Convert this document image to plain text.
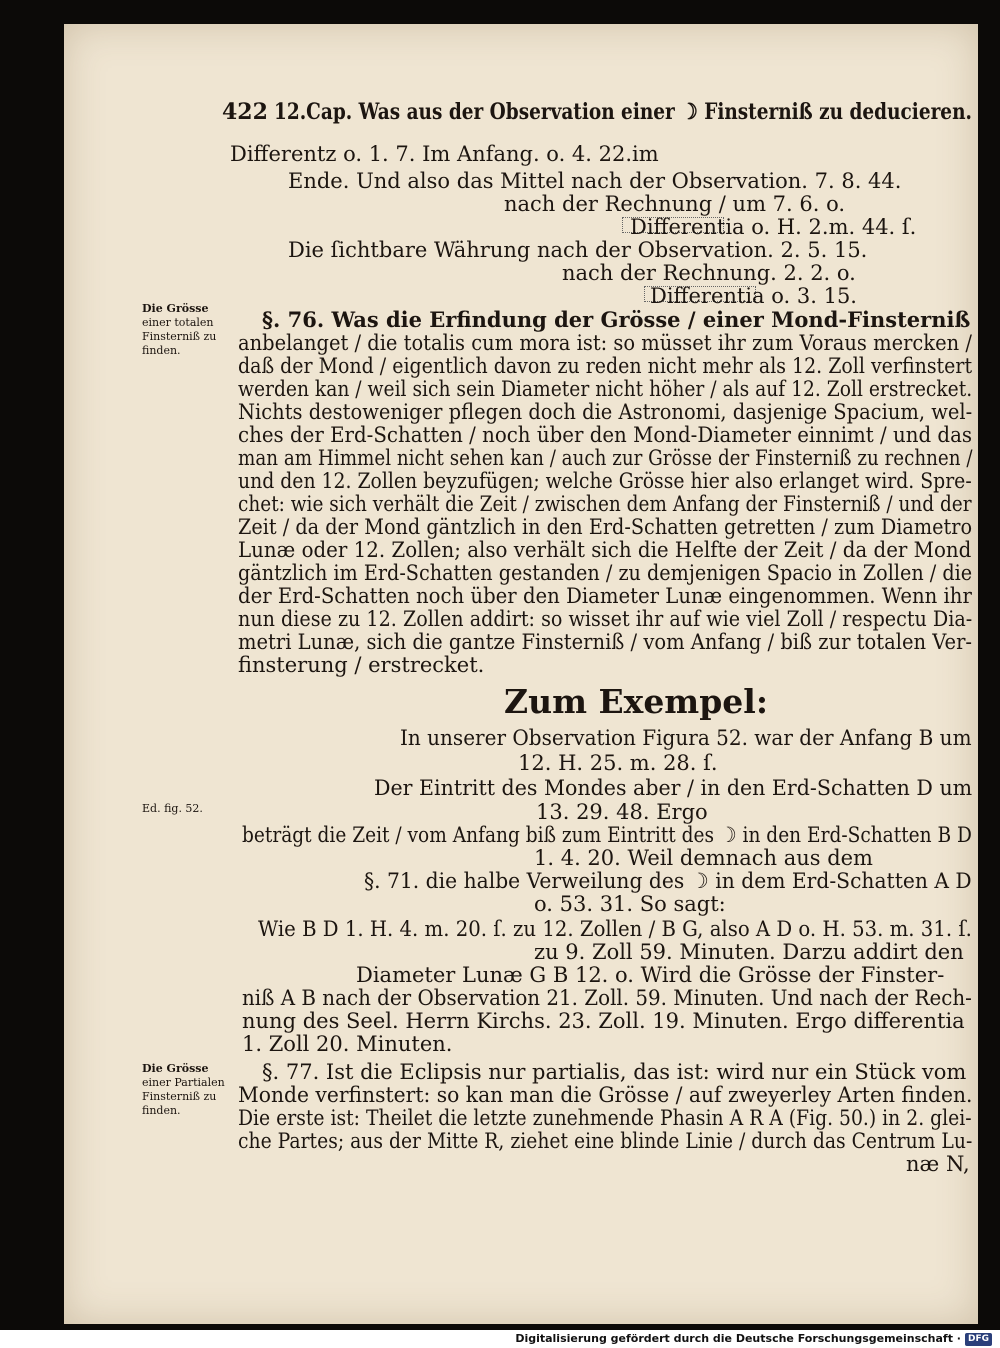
422 12.Cap. Was aus der Observation einer ☽ Finsterniß zu deducieren.
Differentz o. 1. 7. Im Anfang. o. 4. 22.im
Ende. Und also das Mittel nach der Observation. 7. 8. 44.
nach der Rechnung / um 7. 6. o.
Differentia o. H. 2.m. 44. ſ.
Die ſichtbare Währung nach der Observation. 2. 5. 15.
nach der Rechnung. 2. 2. o.
Differentia o. 3. 15.
Die Grösse
einer totalen
Finsterniß zu
finden.
§. 76. Was die Erfindung der Grösse / einer Mond-Finsterniß
anbelanget / die totalis cum mora ist: so müsset ihr zum Voraus mercken /
daß der Mond / eigentlich davon zu reden nicht mehr als 12. Zoll verfinstert
werden kan / weil sich sein Diameter nicht höher / als auf 12. Zoll erstrecket.
Nichts destoweniger pflegen doch die Astronomi, dasjenige Spacium, wel-
ches der Erd-Schatten / noch über den Mond-Diameter einnimt / und das
man am Himmel nicht sehen kan / auch zur Grösse der Finsterniß zu rechnen /
und den 12. Zollen beyzufügen; welche Grösse hier also erlanget wird. Spre-
chet: wie sich verhält die Zeit / zwischen dem Anfang der Finsterniß / und der
Zeit / da der Mond gäntzlich in den Erd-Schatten getretten / zum Diametro
Lunæ oder 12. Zollen; also verhält sich die Helfte der Zeit / da der Mond
gäntzlich im Erd-Schatten gestanden / zu demjenigen Spacio in Zollen / die
der Erd-Schatten noch über den Diameter Lunæ eingenommen. Wenn ihr
nun diese zu 12. Zollen addirt: so wisset ihr auf wie viel Zoll / respectu Dia-
metri Lunæ, sich die gantze Finsterniß / vom Anfang / biß zur totalen Ver-
finsterung / erstrecket.
Zum Exempel:
In unserer Observation Figura 52. war der Anfang B um
12. H. 25. m. 28. ſ.
Der Eintritt des Mondes aber / in den Erd-Schatten D um
Ed. fig. 52.	13. 29. 48. Ergo
beträgt die Zeit / vom Anfang biß zum Eintritt des ☽ in den Erd-Schatten B D
1. 4. 20. Weil demnach aus dem
§. 71. die halbe Verweilung des ☽ in dem Erd-Schatten A D
o. 53. 31. So sagt:
Wie B D 1. H. 4. m. 20. ſ. zu 12. Zollen / B G, also A D o. H. 53. m. 31. ſ.
zu 9. Zoll 59. Minuten. Darzu addirt den
Diameter Lunæ G B 12. o. Wird die Grösse der Finster-
niß A B nach der Observation 21. Zoll. 59. Minuten. Und nach der Rech-
nung des Seel. Herrn Kirchs. 23. Zoll. 19. Minuten. Ergo differentia
1. Zoll 20. Minuten.
Die Grösse
einer Partialen
Finsterniß zu
finden.
§. 77. Ist die Eclipsis nur partialis, das ist: wird nur ein Stück vom
Monde verfinstert: so kan man die Grösse / auf zweyerley Arten finden.
Die erste ist: Theilet die letzte zunehmende Phasin A R A (Fig. 50.) in 2. glei-
che Partes; aus der Mitte R, ziehet eine blinde Linie / durch das Centrum Lu-
næ N,
Digitalisierung gefördert durch die Deutsche Forschungsgemeinschaft · DFG
